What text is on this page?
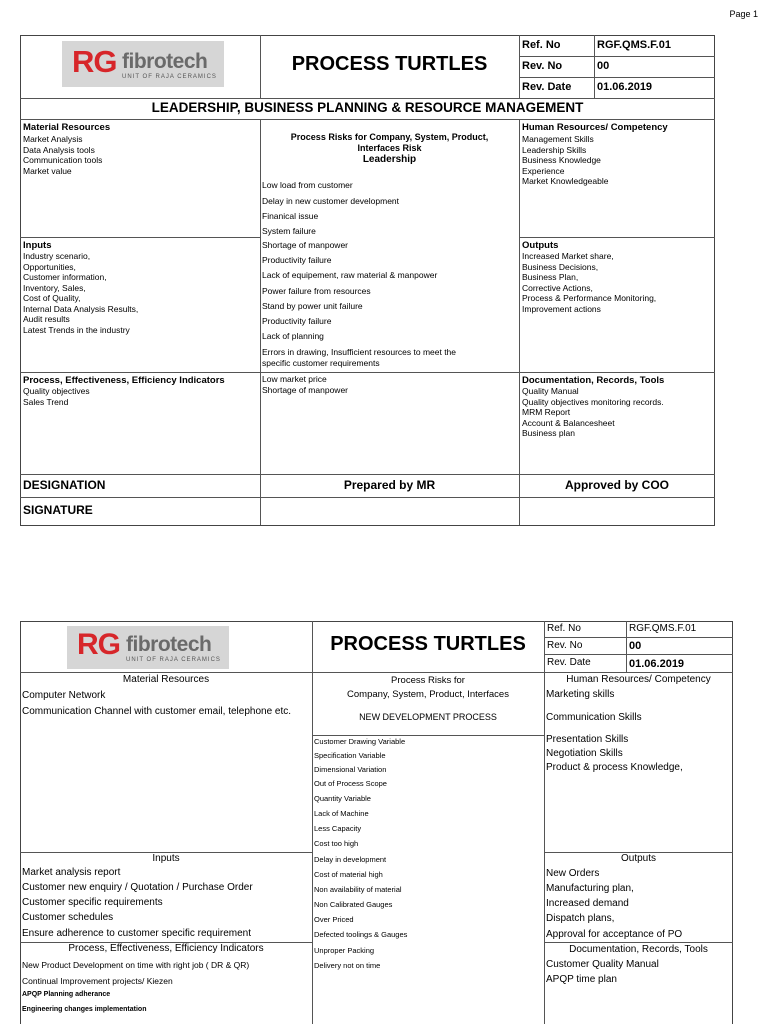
Page 1
RG fibrotech
UNIT OF RAJA CERAMICS
PROCESS TURTLES
Ref. No	RGF.QMS.F.01
Rev. No	00
Rev. Date 01.06.2019
LEADERSHIP, BUSINESS PLANNING & RESOURCE MANAGEMENT
Material Resources
Market Analysis
Data Analysis tools
Communication tools
Market value
Process Risks for Company, System, Product,
Interfaces Risk
Leadership
Low load from customer
Delay in new customer development
Finanical issue
System failure
Shortage of manpower
Productivity failure
Lack of equipement, raw material & manpower
Power failure from resources
Stand by power unit failure
Productivity failure
Lack of planning
Errors in drawing, Insufficient resources to meet the
specific customer requirements
Low market price
Shortage of manpower
Human Resources/ Competency
Management Skills
Leadership Skills
Business Knowledge
Experience
Market Knowledgeable
Inputs
Industry scenario,
Opportunities,
Customer information,
Inventory, Sales,
Cost of Quality,
Internal Data Analysis Results,
Audit results
Latest Trends in the industry
Outputs
Increased Market share,
Business Decisions,
Business Plan,
Corrective Actions,
Process & Performance Monitoring,
Improvement actions
Process, Effectiveness, Efficiency Indicators
Quality objectives
Sales Trend
Documentation, Records, Tools
Quality Manual
Quality objectives monitoring records.
MRM Report
Account & Balancesheet
Business plan
DESIGNATION	Prepared by MR	Approved by COO
SIGNATURE
RG fibrotech
UNIT OF RAJA CERAMICS
PROCESS TURTLES
Ref. No	RGF.QMS.F.01
Rev. No	00
Rev. Date	01.06.2019
Material Resources
Computer Network
Communication Channel with customer email, telephone etc.
Process Risks for
Company, System, Product, Interfaces
NEW DEVELOPMENT PROCESS
Customer Drawing Variable
Specification Variable
Dimensional Variation
Out of Process Scope
Quantity Variable
Lack of Machine
Less Capacity
Cost too high
Delay in development
Cost of material high
Non availability of material
Non Calibrated Gauges
Over Priced
Defected toolings & Gauges
Unproper Packing
Delivery not on time
Human Resources/ Competency
Marketing skills
Communication Skills
Presentation Skills
Negotiation Skills
Product & process Knowledge,
Inputs
Market analysis report
Customer new enquiry / Quotation / Purchase Order
Customer specific requirements
Customer schedules
Ensure adherence to customer specific requirement
Outputs
New Orders
Manufacturing plan,
Increased demand
Dispatch plans,
Approval for acceptance of PO
Process, Effectiveness, Efficiency Indicators
New Product Development on time with right job ( DR & QR)
Continual Improvement projects/ Kiezen
APQP Planning adherance
Engineering changes implementation
Documentation, Records, Tools
Customer Quality Manual
APQP time plan
